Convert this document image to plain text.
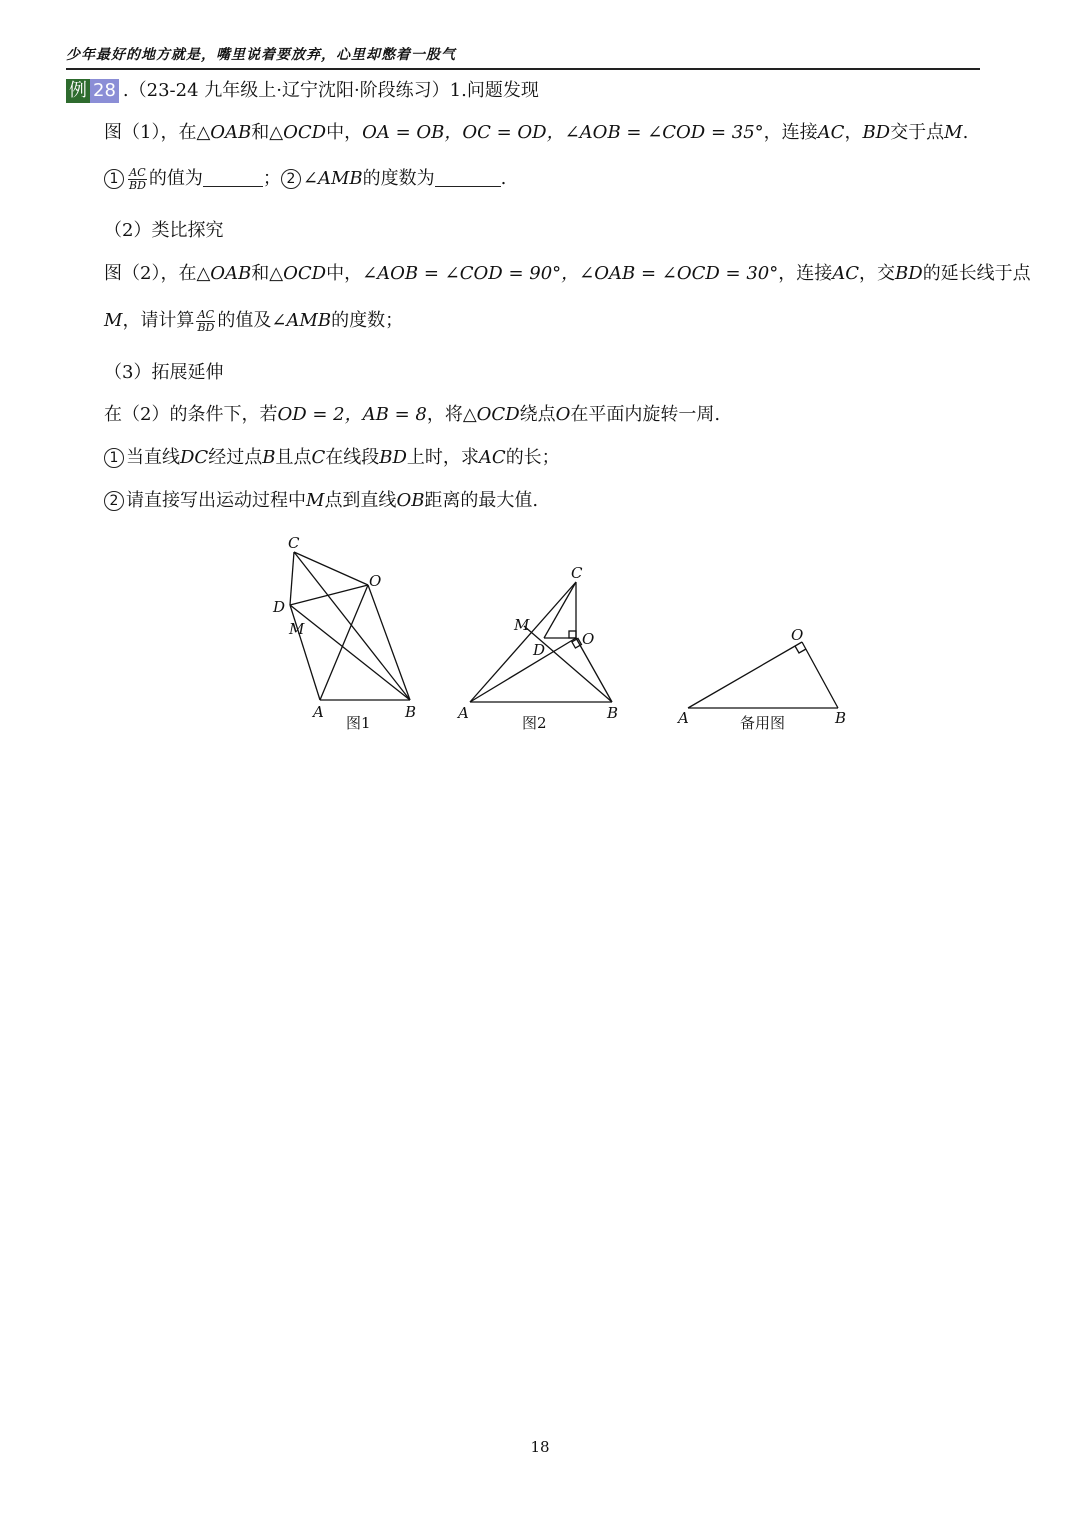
少年最好的地方就是，嘴里说着要放弃，心里却憋着一股气
例 28 .（23-24 九年级上·辽宁沈阳·阶段练习）1.问题发现
图（1），在△OAB和△OCD中，OA = OB，OC = OD，∠AOB = ∠COD = 35°，连接AC，BD交于点M.
$1 \frac{AC}{BD}$ 的值为	； 2 ∠AMB的度数为	.
（2）类比探究
图（2），在△OAB和△OCD中，∠AOB = ∠COD = 90°，∠OAB = ∠OCD = 30°，连接AC，交BD的延长线于点
M，请计算 $\frac{AC}{BD}$ 的值及∠AMB的度数；
（3）拓展延伸
在（2）的条件下，若OD = 2，AB = 8，将△OCD绕点O在平面内旋转一周.
1 当直线DC经过点B且点C在线段BD上时，求AC的长；
2 请直接写出运动过程中M点到直线OB距离的最大值.
C
O
D
M
A	B
图1
C
M
D
O
A	B
图2
O
A	B
备用图
18
